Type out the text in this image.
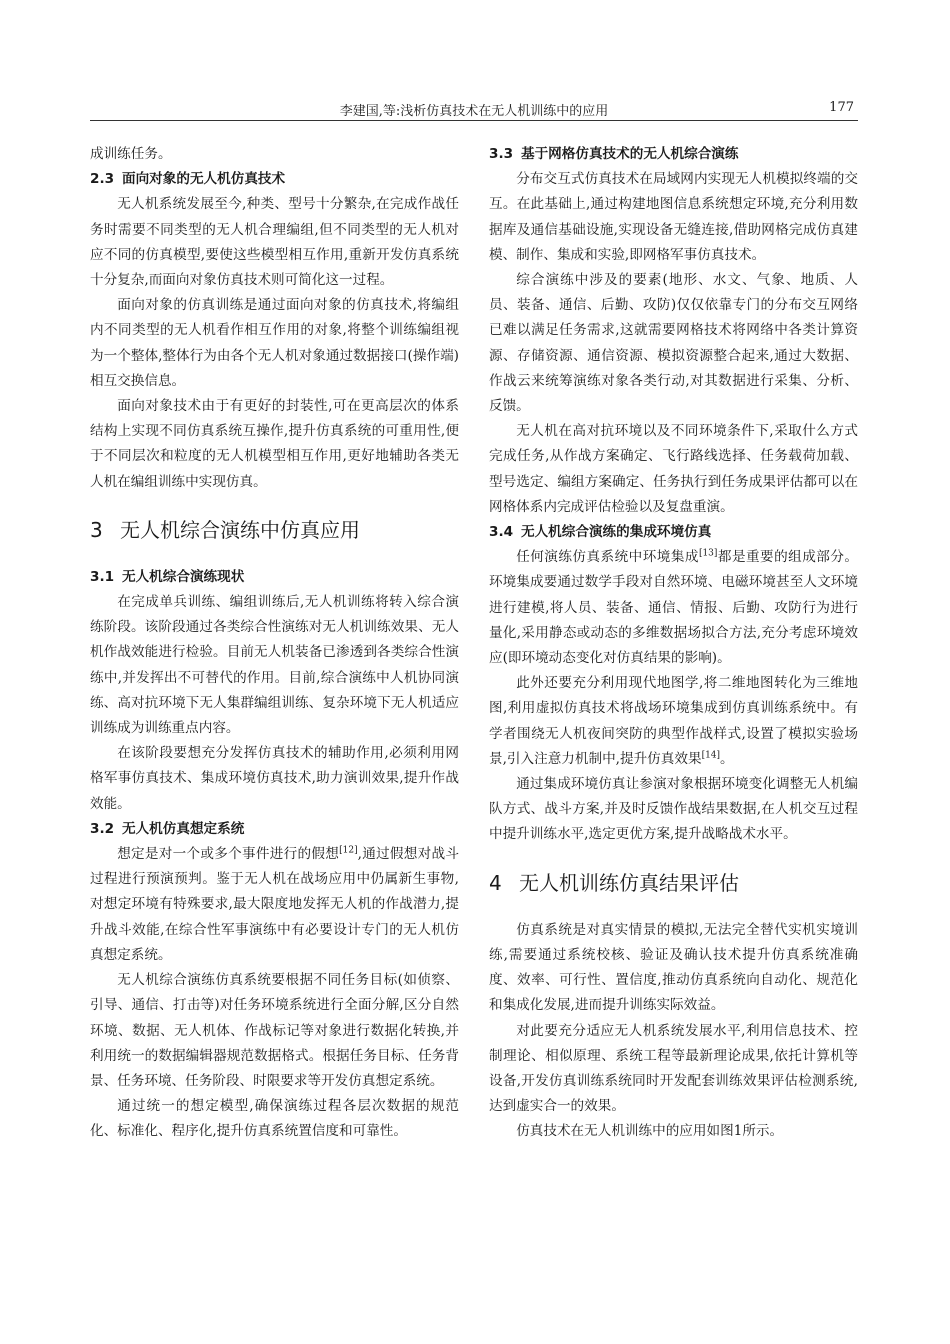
李建国,等:浅析仿真技术在无人机训练中的应用	177

成训练任务。

2.3 面向对象的无人机仿真技术

无人机系统发展至今,种类、型号十分繁杂,在完成作战任务时需要不同类型的无人机合理编组,但不同类型的无人机对应不同的仿真模型,要使这些模型相互作用,重新开发仿真系统十分复杂,而面向对象仿真技术则可简化这一过程。

面向对象的仿真训练是通过面向对象的仿真技术,将编组内不同类型的无人机看作相互作用的对象,将整个训练编组视为一个整体,整体行为由各个无人机对象通过数据接口(操作端)相互交换信息。

面向对象技术由于有更好的封装性,可在更高层次的体系结构上实现不同仿真系统互操作,提升仿真系统的可重用性,便于不同层次和粒度的无人机模型相互作用,更好地辅助各类无人机在编组训练中实现仿真。

3 无人机综合演练中仿真应用
3.1 无人机综合演练现状

在完成单兵训练、编组训练后,无人机训练将转入综合演练阶段。该阶段通过各类综合性演练对无人机训练效果、无人机作战效能进行检验。目前无人机装备已渗透到各类综合性演练中,并发挥出不可替代的作用。目前,综合演练中人机协同演练、高对抗环境下无人集群编组训练、复杂环境下无人机适应训练成为训练重点内容。

在该阶段要想充分发挥仿真技术的辅助作用,必须利用网格军事仿真技术、集成环境仿真技术,助力演训效果,提升作战效能。

3.2 无人机仿真想定系统

想定是对一个或多个事件进行的假想[12],通过假想对战斗过程进行预演预判。鉴于无人机在战场应用中仍属新生事物,对想定环境有特殊要求,最大限度地发挥无人机的作战潜力,提升战斗效能,在综合性军事演练中有必要设计专门的无人机仿真想定系统。

无人机综合演练仿真系统要根据不同任务目标(如侦察、引导、通信、打击等)对任务环境系统进行全面分解,区分自然环境、数据、无人机体、作战标记等对象进行数据化转换,并利用统一的数据编辑器规范数据格式。根据任务目标、任务背景、任务环境、任务阶段、时限要求等开发仿真想定系统。

通过统一的想定模型,确保演练过程各层次数据的规范化、标准化、程序化,提升仿真系统置信度和可靠性。

3.3 基于网格仿真技术的无人机综合演练

分布交互式仿真技术在局域网内实现无人机模拟终端的交互。在此基础上,通过构建地图信息系统想定环境,充分利用数据库及通信基础设施,实现设备无缝连接,借助网格完成仿真建模、制作、集成和实验,即网格军事仿真技术。

综合演练中涉及的要素(地形、水文、气象、地质、人员、装备、通信、后勤、攻防)仅仅依靠专门的分布交互网络已难以满足任务需求,这就需要网格技术将网络中各类计算资源、存储资源、通信资源、模拟资源整合起来,通过大数据、作战云来统筹演练对象各类行动,对其数据进行采集、分析、反馈。

无人机在高对抗环境以及不同环境条件下,采取什么方式完成任务,从作战方案确定、飞行路线选择、任务载荷加载、型号选定、编组方案确定、任务执行到任务成果评估都可以在网格体系内完成评估检验以及复盘重演。

3.4 无人机综合演练的集成环境仿真

任何演练仿真系统中环境集成[13]都是重要的组成部分。环境集成要通过数学手段对自然环境、电磁环境甚至人文环境进行建模,将人员、装备、通信、情报、后勤、攻防行为进行量化,采用静态或动态的多维数据场拟合方法,充分考虑环境效应(即环境动态变化对仿真结果的影响)。

此外还要充分利用现代地图学,将二维地图转化为三维地图,利用虚拟仿真技术将战场环境集成到仿真训练系统中。有学者围绕无人机夜间突防的典型作战样式,设置了模拟实验场景,引入注意力机制中,提升仿真效果[14]。

通过集成环境仿真让参演对象根据环境变化调整无人机编队方式、战斗方案,并及时反馈作战结果数据,在人机交互过程中提升训练水平,选定更优方案,提升战略战术水平。

4 无人机训练仿真结果评估

仿真系统是对真实情景的模拟,无法完全替代实机实境训练,需要通过系统校核、验证及确认技术提升仿真系统准确度、效率、可行性、置信度,推动仿真系统向自动化、规范化和集成化发展,进而提升训练实际效益。

对此要充分适应无人机系统发展水平,利用信息技术、控制理论、相似原理、系统工程等最新理论成果,依托计算机等设备,开发仿真训练系统同时开发配套训练效果评估检测系统,达到虚实合一的效果。

仿真技术在无人机训练中的应用如图1所示。
